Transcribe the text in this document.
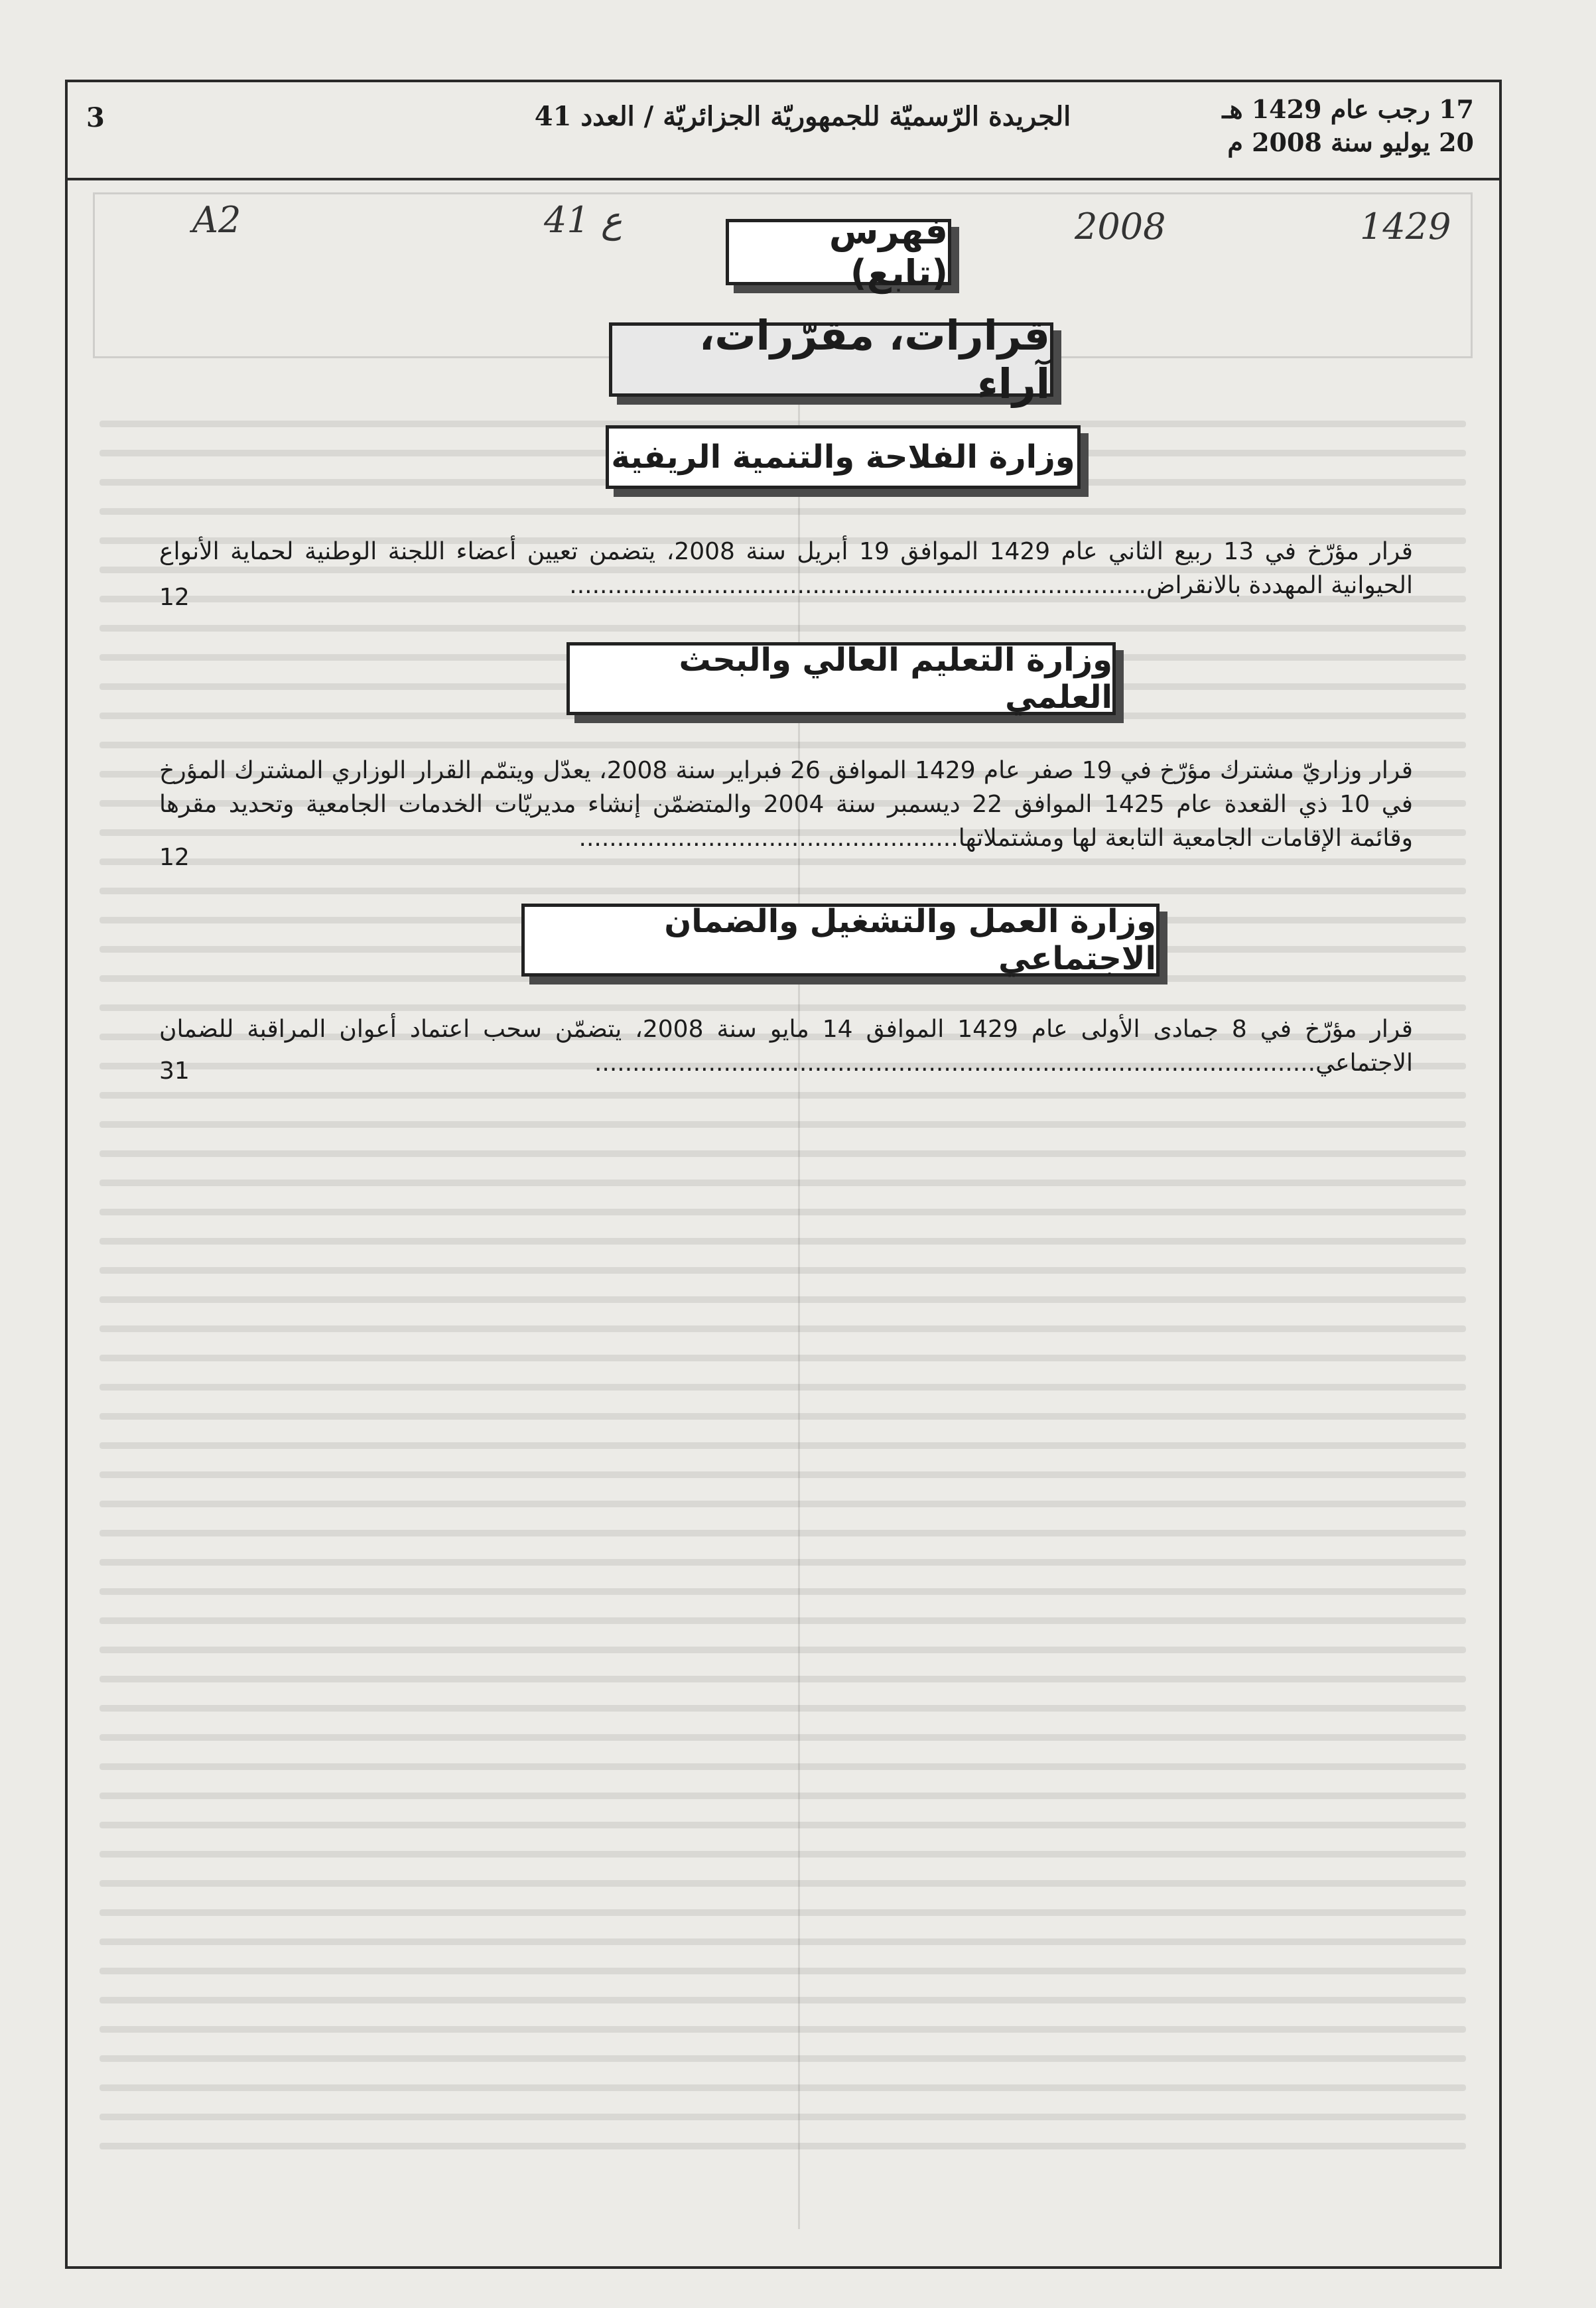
17 رجب عام 1429 هـ
20 يوليو سنة 2008 م
الجريدة الرّسميّة للجمهوريّة الجزائريّة / العدد 41
3
A2	ع 41	2008	1429
فهرس (تابع)
قرارات، مقرّرات، آراء
وزارة الفلاحة والتنمية الريفية
قرار مؤرّخ في 13 ربيع الثاني عام 1429 الموافق 19 أبريل سنة 2008، يتضمن تعيين أعضاء اللجنة الوطنية لحماية الأنواع الحيوانية المهددة بالانقراض............................................................................
12
وزارة التعليم العالي والبحث العلمي
قرار وزاريّ مشترك مؤرّخ في 19 صفر عام 1429 الموافق 26 فبراير سنة 2008، يعدّل ويتمّم القرار الوزاري المشترك المؤرخ في 10 ذي القعدة عام 1425 الموافق 22 ديسمبر سنة 2004 والمتضمّن إنشاء مديريّات الخدمات الجامعية وتحديد مقرها وقائمة الإقامات الجامعية التابعة لها ومشتملاتها..................................................
12
وزارة العمل والتشغيل والضمان الاجتماعي
قرار مؤرّخ في 8 جمادى الأولى عام 1429 الموافق 14 مايو سنة 2008، يتضمّن سحب اعتماد أعوان المراقبة للضمان الاجتماعي...............................................................................................
31
